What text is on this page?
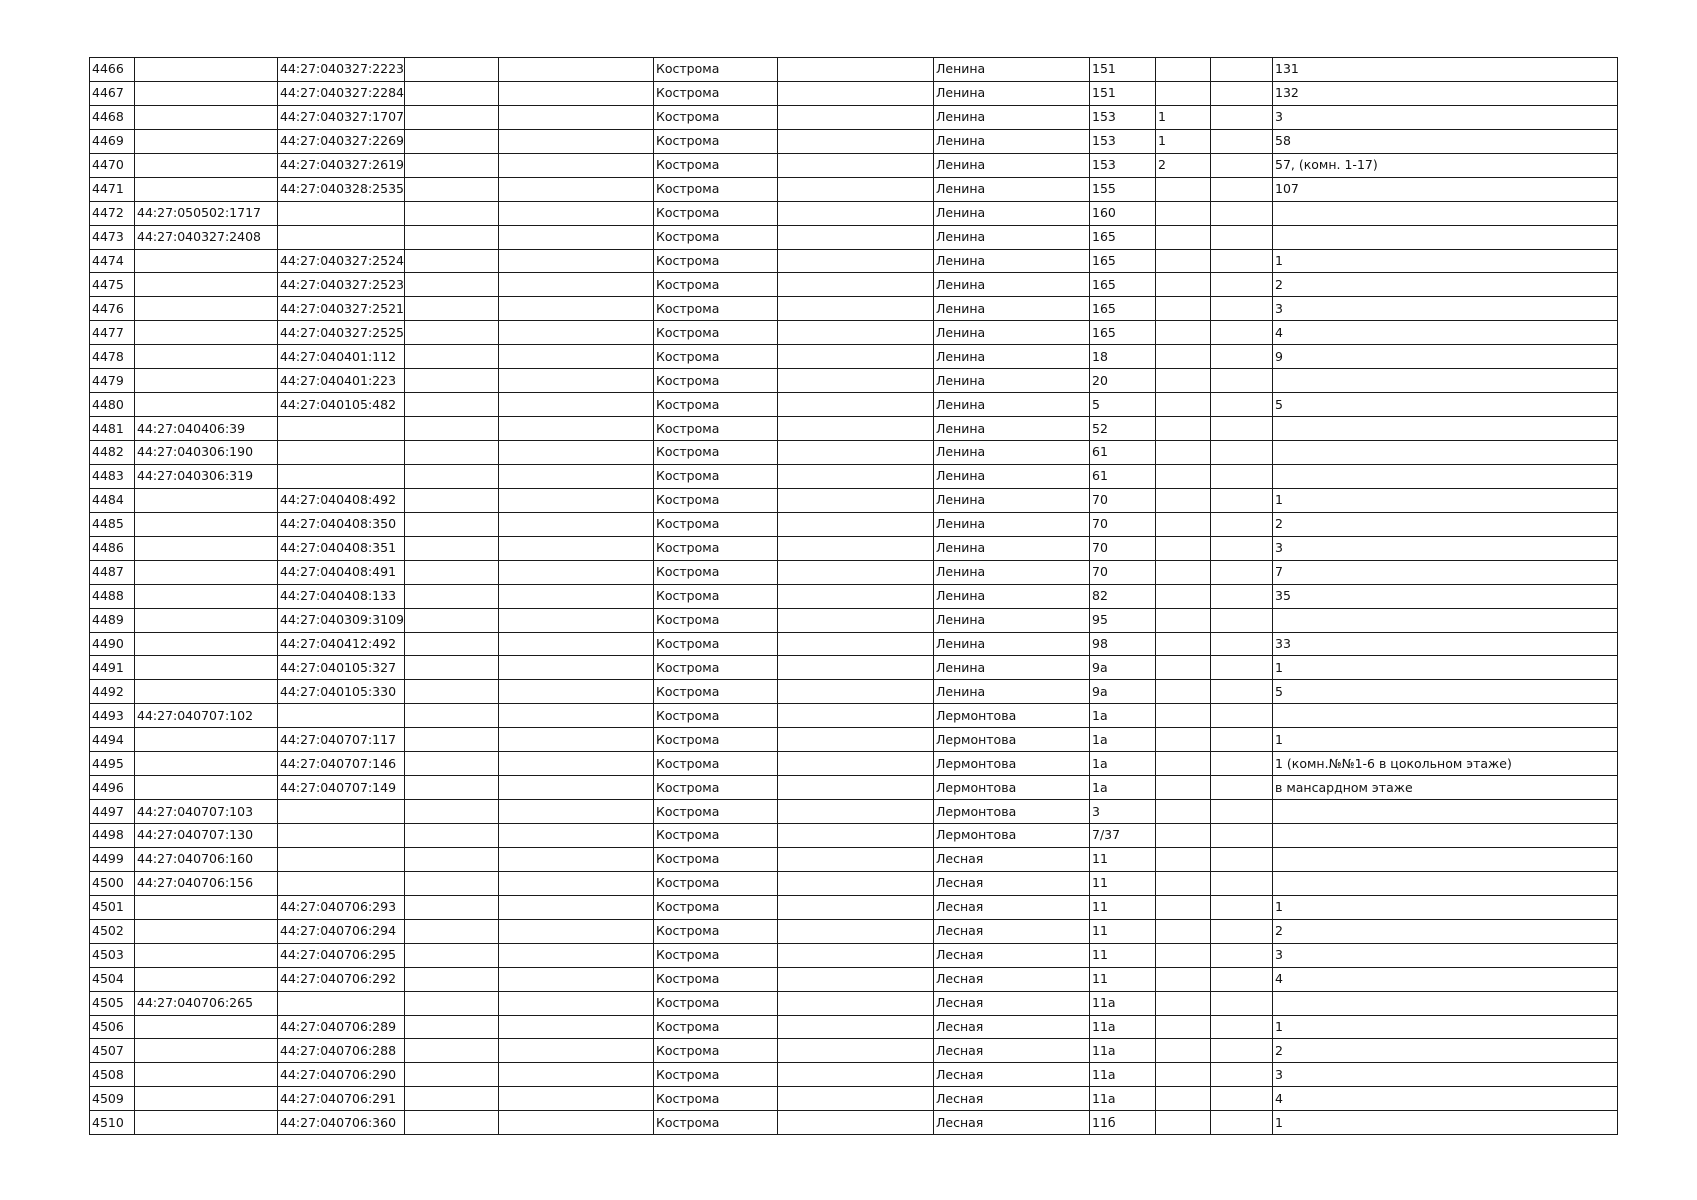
4466		44:27:040327:2223			Кострома		Ленина	151			131
4467		44:27:040327:2284			Кострома		Ленина	151			132
4468		44:27:040327:1707			Кострома		Ленина	153	1		3
4469		44:27:040327:2269			Кострома		Ленина	153	1		58
4470		44:27:040327:2619			Кострома		Ленина	153	2		57, (комн. 1-17)
4471		44:27:040328:2535			Кострома		Ленина	155			107
4472	44:27:050502:1717				Кострома		Ленина	160			
4473	44:27:040327:2408				Кострома		Ленина	165			
4474		44:27:040327:2524			Кострома		Ленина	165			1
4475		44:27:040327:2523			Кострома		Ленина	165			2
4476		44:27:040327:2521			Кострома		Ленина	165			3
4477		44:27:040327:2525			Кострома		Ленина	165			4
4478		44:27:040401:112			Кострома		Ленина	18			9
4479		44:27:040401:223			Кострома		Ленина	20			
4480		44:27:040105:482			Кострома		Ленина	5			5
4481	44:27:040406:39				Кострома		Ленина	52			
4482	44:27:040306:190				Кострома		Ленина	61			
4483	44:27:040306:319				Кострома		Ленина	61			
4484		44:27:040408:492			Кострома		Ленина	70			1
4485		44:27:040408:350			Кострома		Ленина	70			2
4486		44:27:040408:351			Кострома		Ленина	70			3
4487		44:27:040408:491			Кострома		Ленина	70			7
4488		44:27:040408:133			Кострома		Ленина	82			35
4489		44:27:040309:3109			Кострома		Ленина	95			
4490		44:27:040412:492			Кострома		Ленина	98			33
4491		44:27:040105:327			Кострома		Ленина	9а			1
4492		44:27:040105:330			Кострома		Ленина	9а			5
4493	44:27:040707:102				Кострома		Лермонтова	1а			
4494		44:27:040707:117			Кострома		Лермонтова	1а			1
4495		44:27:040707:146			Кострома		Лермонтова	1а			1 (комн.№№1-6 в цокольном этаже)
4496		44:27:040707:149			Кострома		Лермонтова	1а			в мансардном этаже
4497	44:27:040707:103				Кострома		Лермонтова	3			
4498	44:27:040707:130				Кострома		Лермонтова	7/37			
4499	44:27:040706:160				Кострома		Лесная	11			
4500	44:27:040706:156				Кострома		Лесная	11			
4501		44:27:040706:293			Кострома		Лесная	11			1
4502		44:27:040706:294			Кострома		Лесная	11			2
4503		44:27:040706:295			Кострома		Лесная	11			3
4504		44:27:040706:292			Кострома		Лесная	11			4
4505	44:27:040706:265				Кострома		Лесная	11а			
4506		44:27:040706:289			Кострома		Лесная	11а			1
4507		44:27:040706:288			Кострома		Лесная	11а			2
4508		44:27:040706:290			Кострома		Лесная	11а			3
4509		44:27:040706:291			Кострома		Лесная	11а			4
4510		44:27:040706:360			Кострома		Лесная	11б			1
